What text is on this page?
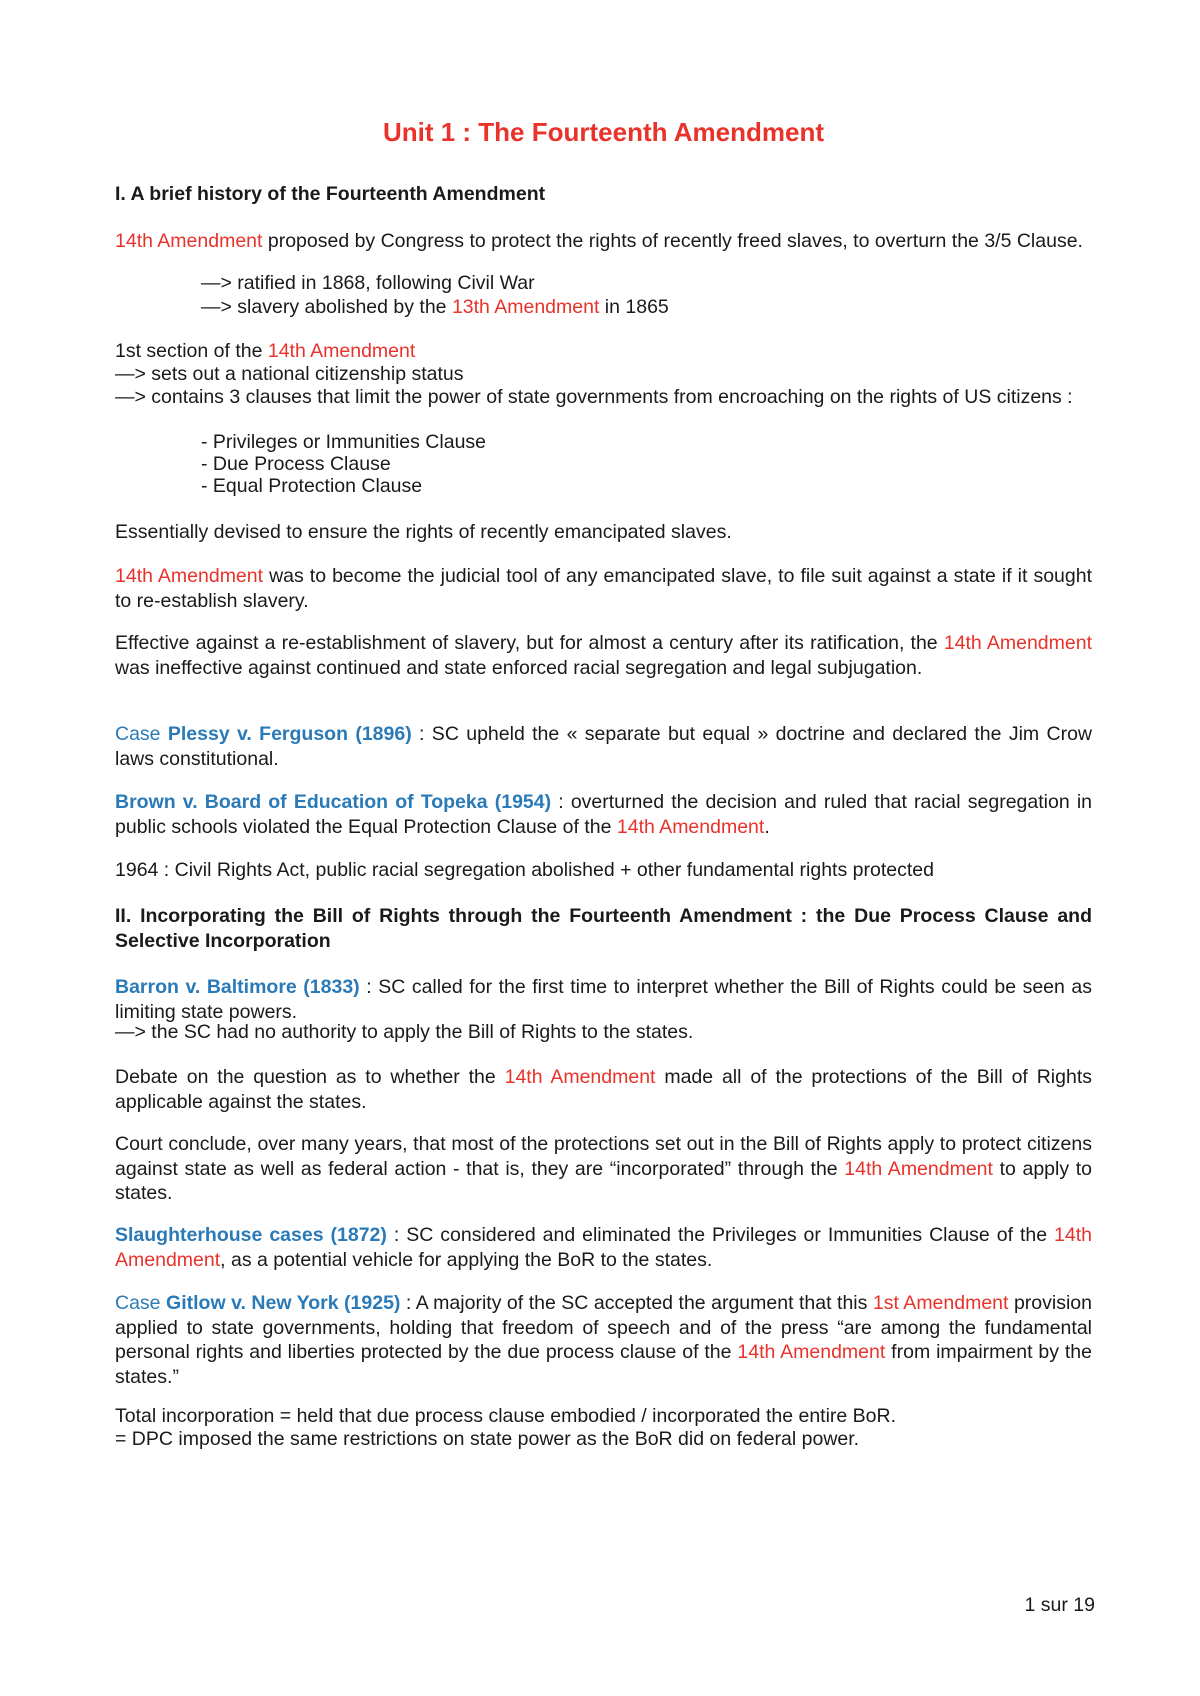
Unit 1 : The Fourteenth Amendment
I. A brief history of the Fourteenth Amendment
14th Amendment proposed by Congress to protect the rights of recently freed slaves, to overturn the 3/5 Clause.
—> ratified in 1868, following Civil War
—> slavery abolished by the 13th Amendment in 1865
1st section of the 14th Amendment
—> sets out a national citizenship status
—> contains 3 clauses that limit the power of state governments from encroaching on the rights of US citizens :
- Privileges or Immunities Clause
- Due Process Clause
- Equal Protection Clause
Essentially devised to ensure the rights of recently emancipated slaves.
14th Amendment was to become the judicial tool of any emancipated slave, to file suit against a state if it sought to re-establish slavery.
Effective against a re-establishment of slavery, but for almost a century after its ratification, the 14th Amendment was ineffective against continued and state enforced racial segregation and legal subjugation.
Case Plessy v. Ferguson (1896) : SC upheld the « separate but equal » doctrine and declared the Jim Crow laws constitutional.
Brown v. Board of Education of Topeka (1954) : overturned the decision and ruled that racial segregation in public schools violated the Equal Protection Clause of the 14th Amendment.
1964 : Civil Rights Act, public racial segregation abolished + other fundamental rights protected
II. Incorporating the Bill of Rights through the Fourteenth Amendment : the Due Process Clause and Selective Incorporation
Barron v. Baltimore (1833) : SC called for the first time to interpret whether the Bill of Rights could be seen as limiting state powers.
—> the SC had no authority to apply the Bill of Rights to the states.
Debate on the question as to whether the 14th Amendment made all of the protections of the Bill of Rights applicable against the states.
Court conclude, over many years, that most of the protections set out in the Bill of Rights apply to protect citizens against state as well as federal action - that is, they are “incorporated” through the 14th Amendment to apply to states.
Slaughterhouse cases (1872) : SC considered and eliminated the Privileges or Immunities Clause of the 14th Amendment, as a potential vehicle for applying the BoR to the states.
Case Gitlow v. New York (1925) : A majority of the SC accepted the argument that this 1st Amendment provision applied to state governments, holding that freedom of speech and of the press “are among the fundamental personal rights and liberties protected by the due process clause of the 14th Amendment from impairment by the states.”
Total incorporation = held that due process clause embodied / incorporated the entire BoR.
= DPC imposed the same restrictions on state power as the BoR did on federal power.
1 sur 19
